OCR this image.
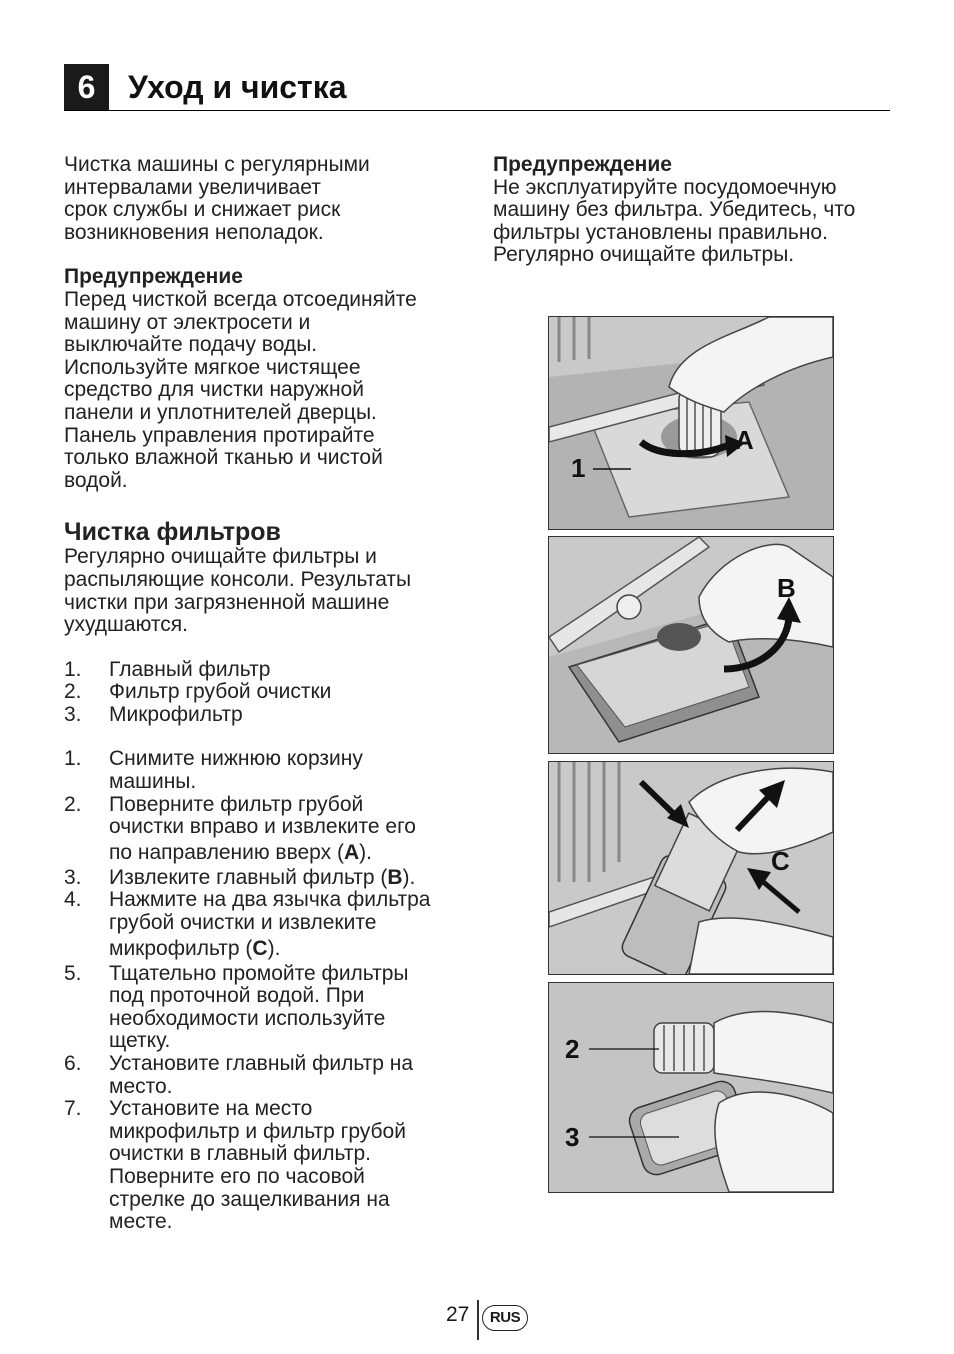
6	Уход и чистка

Чистка машины с регулярными

интервалами увеличивает

срок службы и снижает риск

возникновения неполадок.

Предупреждение

Перед чисткой всегда отсоединяйте

машину от электросети и

выключайте подачу воды.

Используйте мягкое чистящее

средство для чистки наружной

панели и уплотнителей дверцы.

Панель управления протирайте

только влажной тканью и чистой

водой.

Чистка фильтров

Регулярно очищайте фильтры и

распыляющие консоли. Результаты

чистки при загрязненной машине

ухудшаются.

1. Главный фильтр
2. Фильтр грубой очистки
3. Микрофильтр
1. Снимите нижнюю корзину

машины.

2. Поверните фильтр грубой

очистки вправо и извлеките его

по направлению вверх (A).

3. Извлеките главный фильтр (B).

4. Нажмите на два язычка фильтра

грубой очистки и извлеките

микрофильтр (C).

5. Тщательно промойте фильтры

под проточной водой. При

необходимости используйте

щетку.

6. Установите главный фильтр на

место.

7. Установите на место

микрофильтр и фильтр грубой

очистки в главный фильтр.

Поверните его по часовой

стрелке до защелкивания на

месте.

Предупреждение

Не эксплуатируйте посудомоечную

машину без фильтра. Убедитесь, что

фильтры установлены правильно.

Регулярно очищайте фильтры.

1
A
B
C
2
3
27	RUS
